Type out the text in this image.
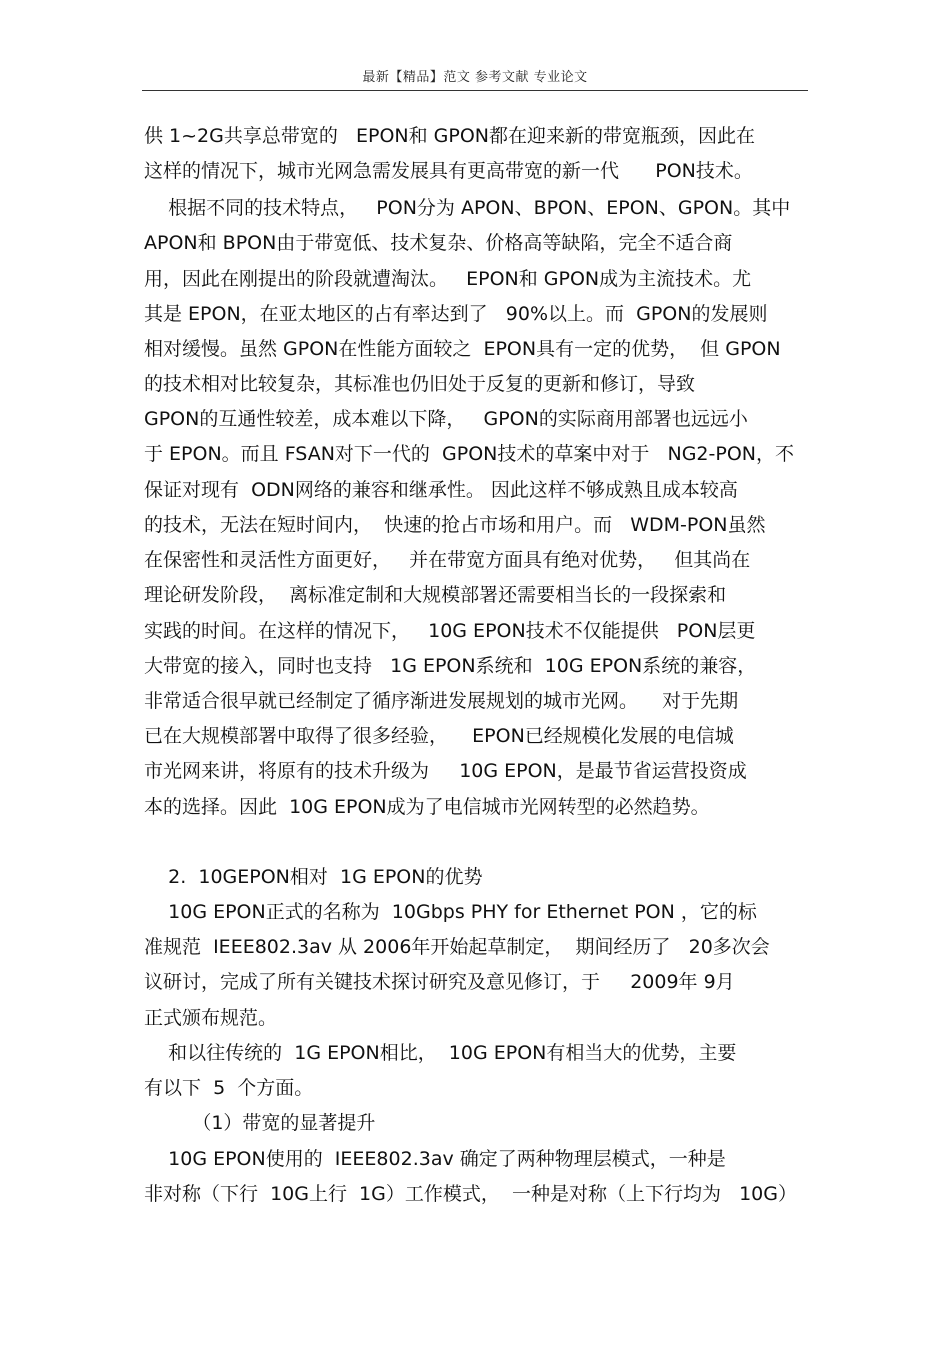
最新【精品】范文 参考文献 专业论文
供 1~2G共享总带宽的   EPON和 GPON都在迎来新的带宽瓶颈，因此在
这样的情况下，城市光网急需发展具有更高带宽的新一代      PON技术。
根据不同的技术特点，   PON分为 APON、BPON、EPON、GPON。其中
APON和 BPON由于带宽低、技术复杂、价格高等缺陷，完全不适合商
用，因此在刚提出的阶段就遭淘汰。   EPON和 GPON成为主流技术。尤
其是 EPON，在亚太地区的占有率达到了   90%以上。而  GPON的发展则
相对缓慢。虽然 GPON在性能方面较之  EPON具有一定的优势，  但 GPON
的技术相对比较复杂，其标准也仍旧处于反复的更新和修订，导致
GPON的互通性较差，成本难以下降，   GPON的实际商用部署也远远小
于 EPON。而且 FSAN对下一代的  GPON技术的草案中对于   NG2-PON，不
保证对现有  ODN网络的兼容和继承性。 因此这样不够成熟且成本较高
的技术，无法在短时间内，  快速的抢占市场和用户。而   WDM-PON虽然
在保密性和灵活性方面更好，   并在带宽方面具有绝对优势，   但其尚在
理论研发阶段，  离标准定制和大规模部署还需要相当长的一段探索和
实践的时间。在这样的情况下，   10G EPON技术不仅能提供   PON层更
大带宽的接入，同时也支持   1G EPON系统和  10G EPON系统的兼容，
非常适合很早就已经制定了循序渐进发展规划的城市光网。    对于先期
已在大规模部署中取得了很多经验，    EPON已经规模化发展的电信城
市光网来讲，将原有的技术升级为     10G EPON，是最节省运营投资成
本的选择。因此  10G EPON成为了电信城市光网转型的必然趋势。
2.  10GEPON相对  1G EPON的优势
10G EPON正式的名称为  10Gbps PHY for Ethernet PON ，它的标
准规范  IEEE802.3av 从 2006年开始起草制定，  期间经历了   20多次会
议研讨，完成了所有关键技术探讨研究及意见修订，于     2009年 9月
正式颁布规范。
和以往传统的  1G EPON相比，  10G EPON有相当大的优势，主要
有以下  5  个方面。
（1）带宽的显著提升
10G EPON使用的  IEEE802.3av 确定了两种物理层模式，一种是
非对称（下行  10G上行  1G）工作模式，  一种是对称（上下行均为   10G）
